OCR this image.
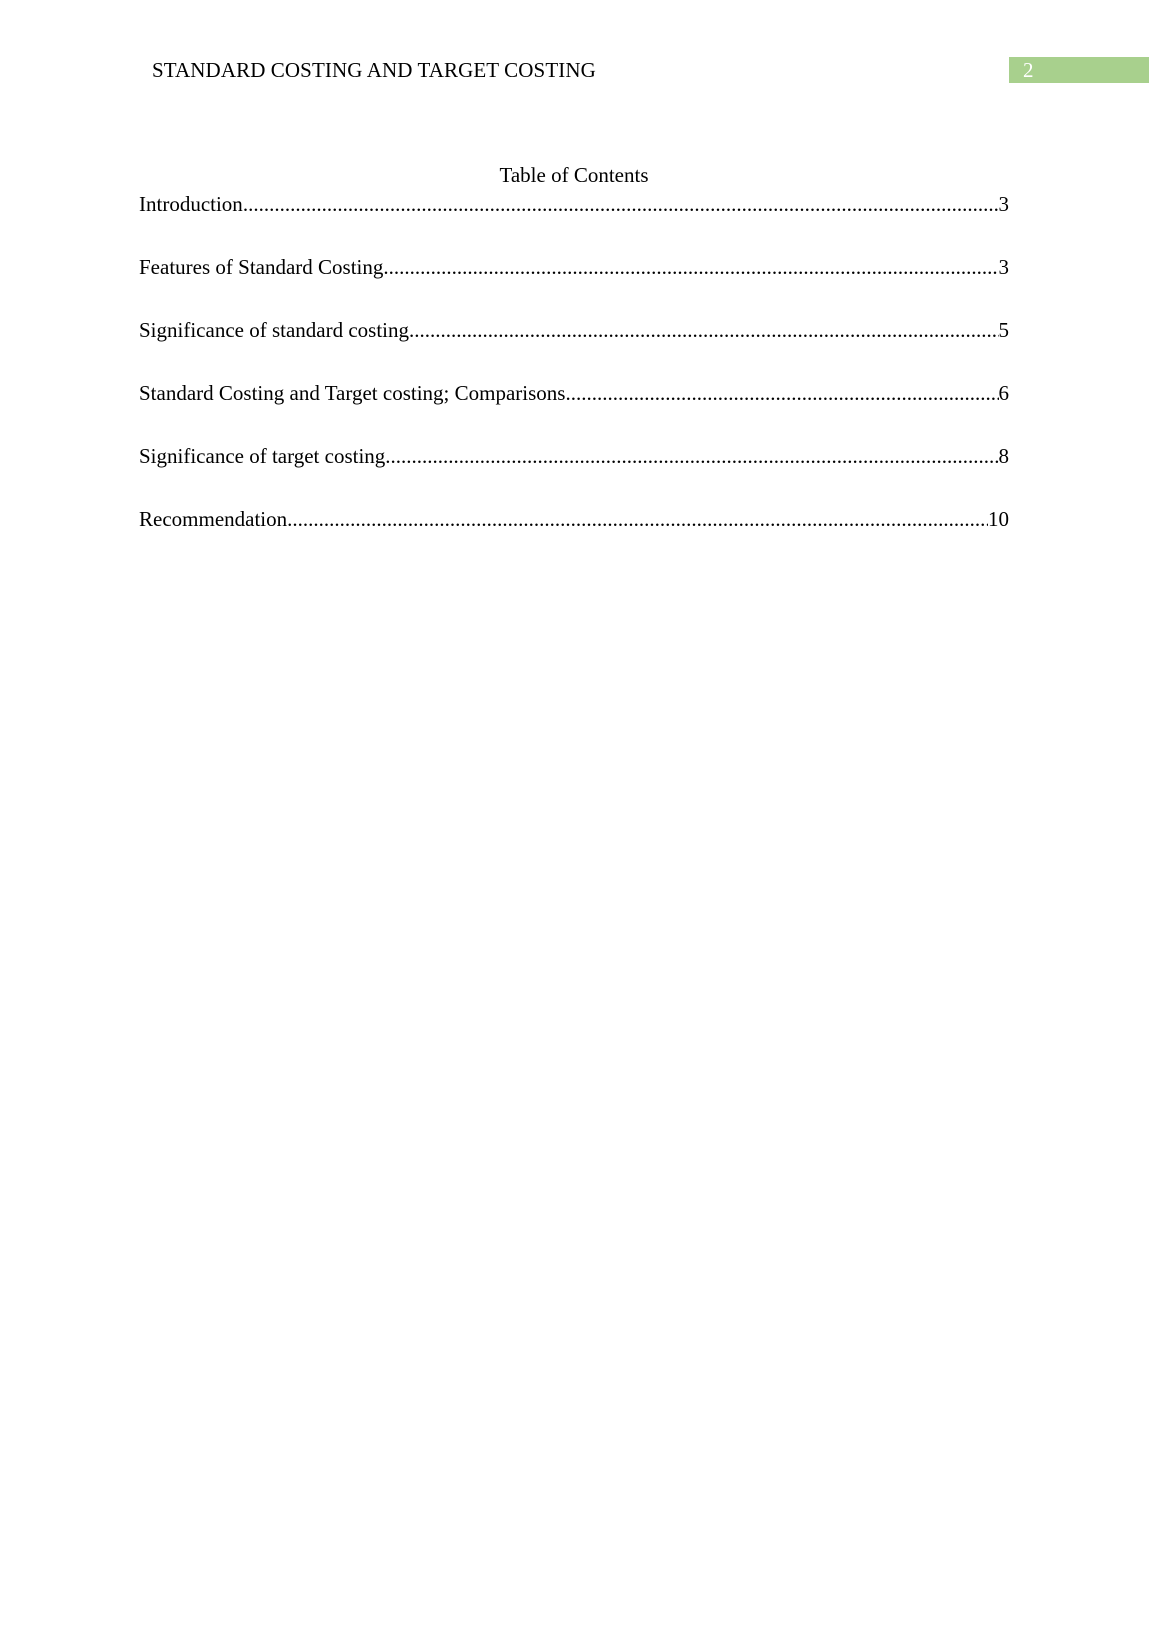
STANDARD COSTING AND TARGET COSTING	2
Table of Contents
Introduction .....	3
Features of Standard Costing .....	3
Significance of standard costing .....	5
Standard Costing and Target costing; Comparisons .....	6
Significance of target costing .....	8
Recommendation .....	10
